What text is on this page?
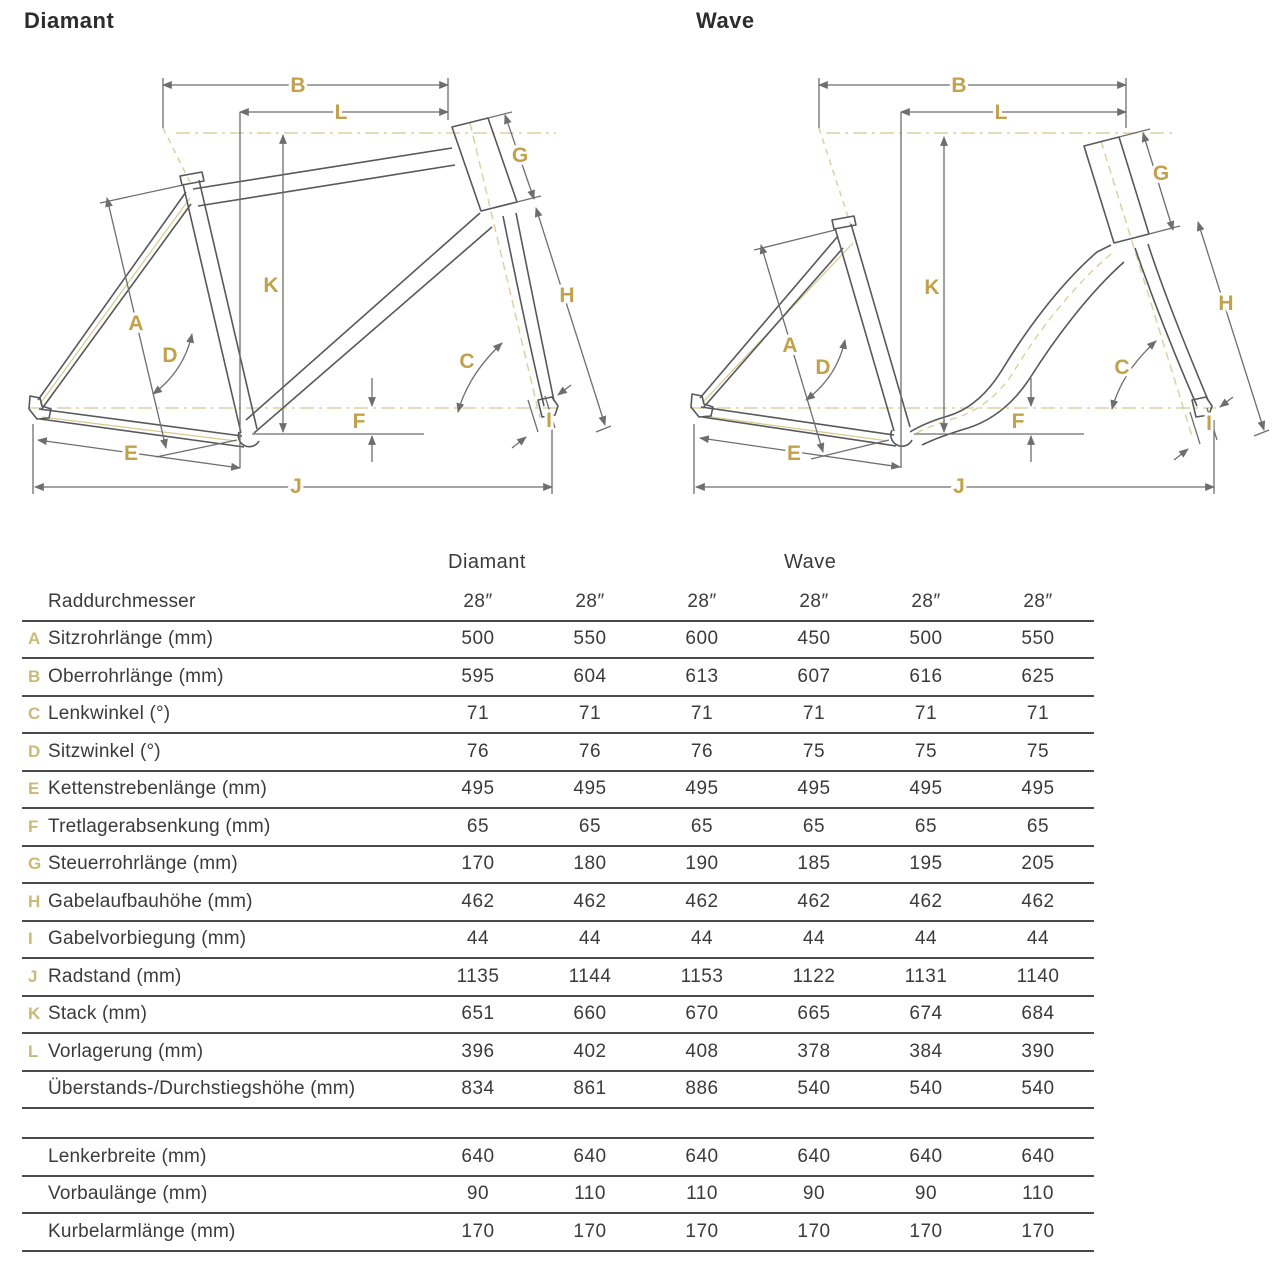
Diamant	Wave
B
L
G
K
A
D	C
H
F	I
E
J
B
L
G
K
A
D	C
H
F	I
E
J
Diamant	Wave
Raddurchmesser	28″	28″	28″	28″	28″	28″
A Sitzrohrlänge (mm)	500	550	600	450	500	550
B Oberrohrlänge (mm)	595	604	613	607	616	625
C Lenkwinkel (°)	71	71	71	71	71	71
D Sitzwinkel (°)	76	76	76	75	75	75
E Kettenstrebenlänge (mm)	495	495	495	495	495	495
F Tretlagerabsenkung (mm)	65	65	65	65	65	65
G Steuerrohrlänge (mm)	170	180	190	185	195	205
H Gabelaufbauhöhe (mm)	462	462	462	462	462	462
I Gabelvorbiegung (mm)	44	44	44	44	44	44
J Radstand (mm)	1135	1144	1153	1122	1131	1140
K Stack (mm)	651	660	670	665	674	684
L Vorlagerung (mm)	396	402	408	378	384	390
Überstands-/Durchstiegshöhe (mm)	834	861	886	540	540	540
Lenkerbreite (mm)	640	640	640	640	640	640
Vorbaulänge (mm)	90	110	110	90	90	110
Kurbelarmlänge (mm)	170	170	170	170	170	170
